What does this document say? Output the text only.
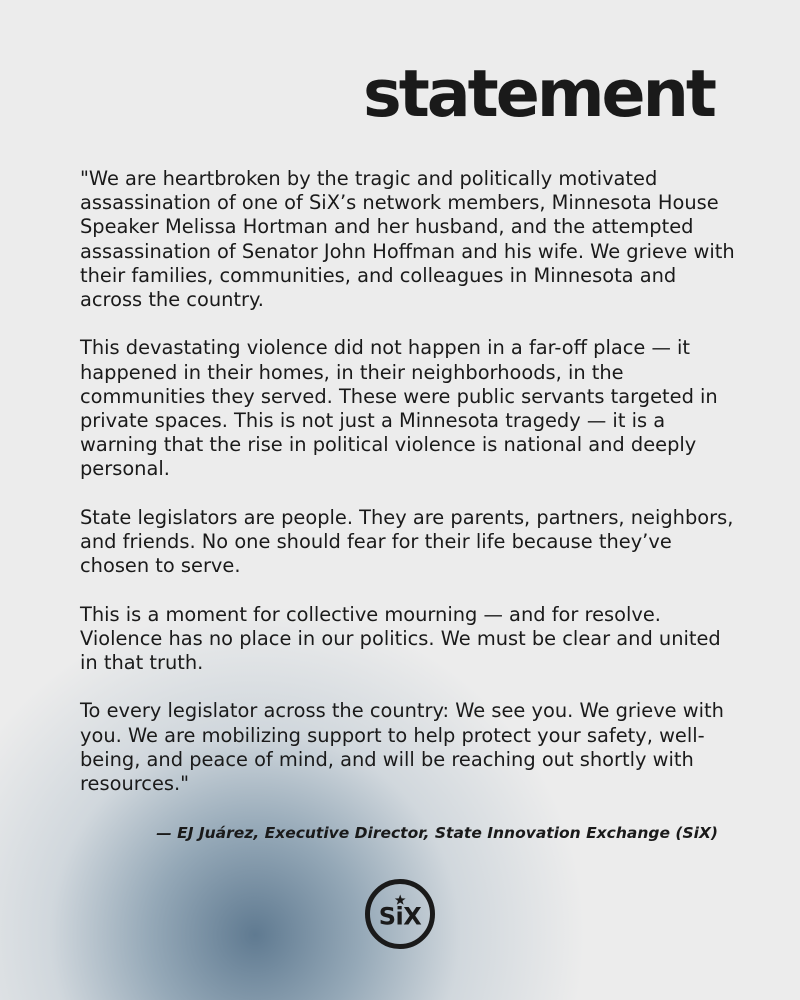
statement

"We are heartbroken by the tragic and politically motivated assassination of one of SiX’s network members, Minnesota House Speaker Melissa Hortman and her husband, and the attempted assassination of Senator John Hoffman and his wife. We grieve with their families, communities, and colleagues in Minnesota and across the country.

This devastating violence did not happen in a far-off place — it happened in their homes, in their neighborhoods, in the communities they served. These were public servants targeted in private spaces. This is not just a Minnesota tragedy — it is a warning that the rise in political violence is national and deeply personal.

State legislators are people. They are parents, partners, neighbors, and friends. No one should fear for their life because they’ve chosen to serve.

This is a moment for collective mourning — and for resolve. Violence has no place in our politics. We must be clear and united in that truth.

To every legislator across the country: We see you. We grieve with you. We are mobilizing support to help protect your safety, well-being, and peace of mind, and will be reaching out shortly with resources."

— EJ Juárez, Executive Director, State Innovation Exchange (SiX)

SiX
